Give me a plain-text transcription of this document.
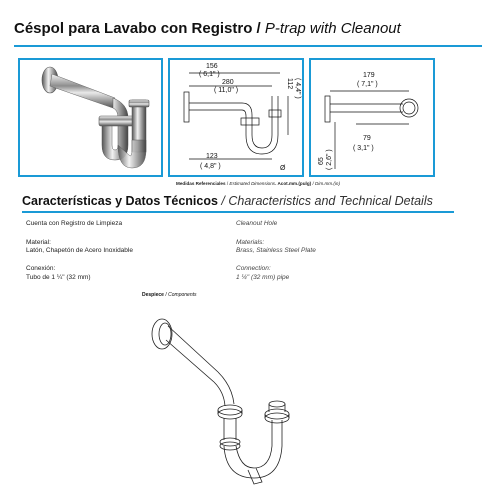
Céspol para Lavabo con Registro / P-trap with Cleanout
156
( 6,1" )
280
( 11,0" )
112 ( 4,4" )
123
( 4,8" )	Ø
179
( 7,1" )
79
( 3,1" )
65 ( 2,6" )
Medidas Referenciales / Estimated Dimensions. Acot.mm.(pulg) / Dim.mm.(in)
Características y Datos Técnicos / Characteristics and Technical Details
Cuenta con Registro de Limpieza	Cleanout Hole
Material:
Latón, Chapetón de Acero Inoxidable
Materials:
Brass, Stainless Steel Plate
Conexión:
Tubo de 1 ¼" (32 mm)
Connection:
1 ¼" (32 mm) pipe
Despiece / Components
